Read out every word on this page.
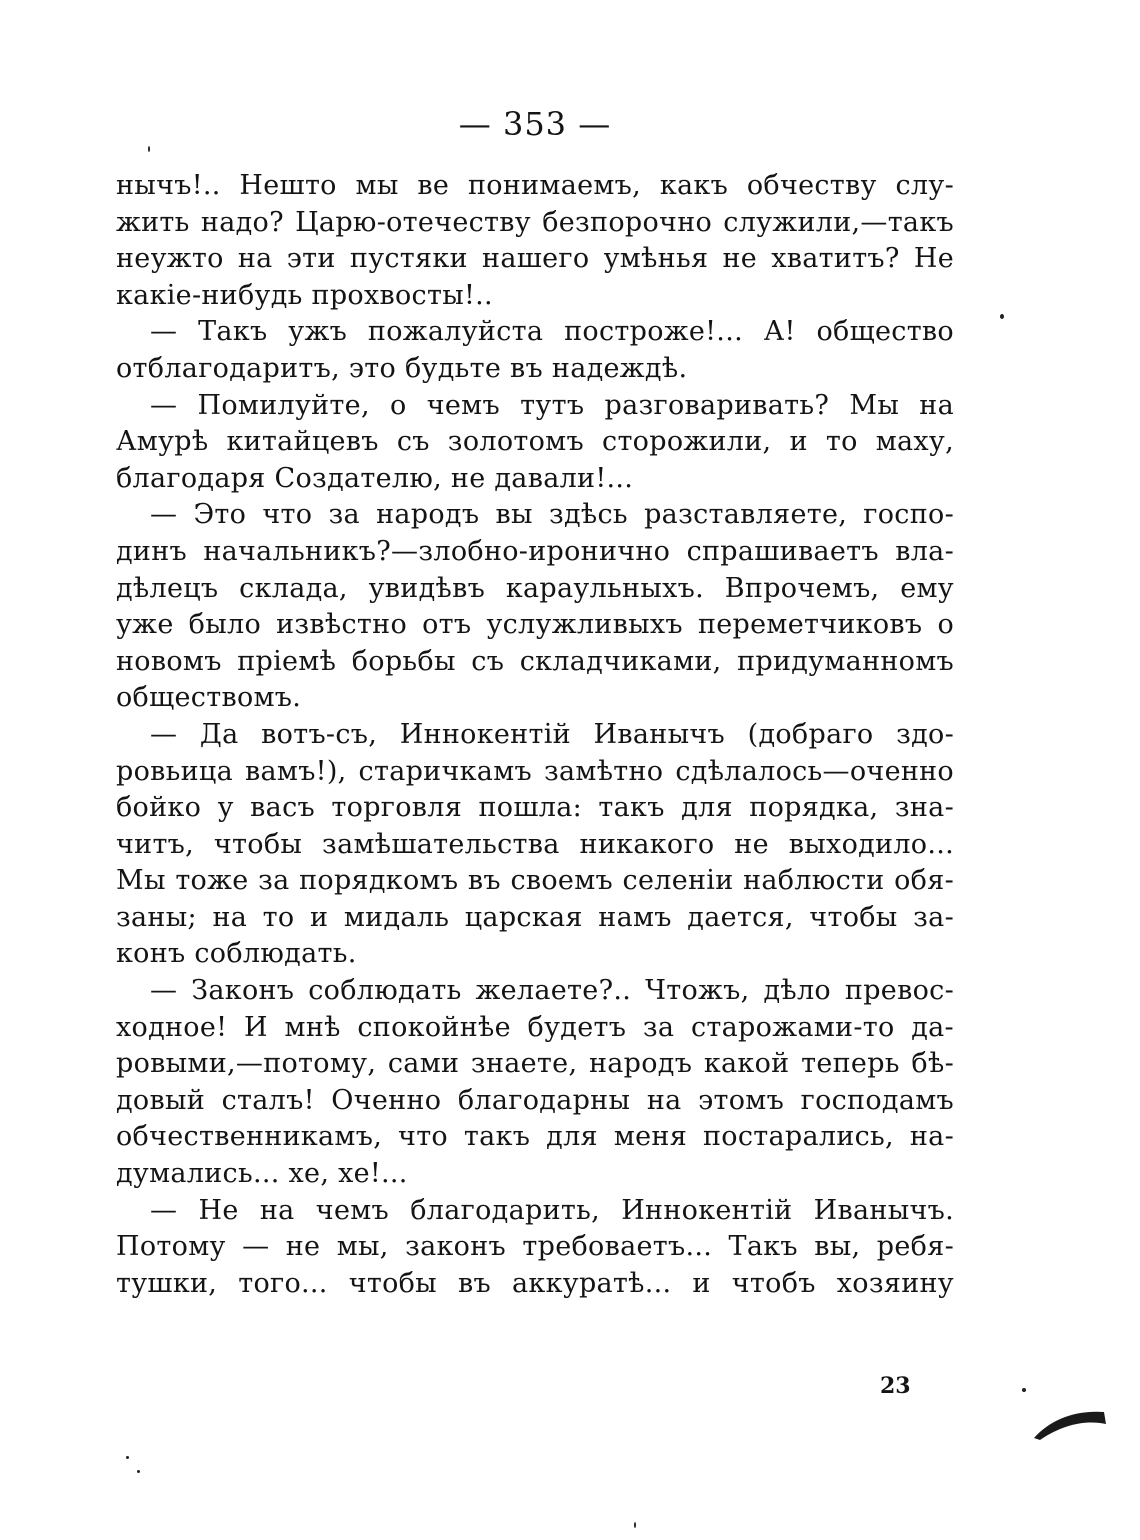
— 353 —
нычъ!.. Нешто мы ве понимаемъ, какъ обчеству слу-
жить надо? Царю-отечеству безпорочно служили,—такъ
неужто на эти пустяки нашего умѣнья не хватитъ? Не
какіе-нибудь прохвосты!..
— Такъ ужъ пожалуйста построже!... А! общество
отблагодаритъ, это будьте въ надеждѣ.
— Помилуйте, о чемъ тутъ разговаривать? Мы на
Амурѣ китайцевъ съ золотомъ сторожили, и то маху,
благодаря Создателю, не давали!...
— Это что за народъ вы здѣсь разставляете, госпо-
динъ начальникъ?—злобно-иронично спрашиваетъ вла-
дѣлецъ склада, увидѣвъ караульныхъ. Впрочемъ, ему
уже было извѣстно отъ услужливыхъ переметчиковъ о
новомъ пріемѣ борьбы съ складчиками, придуманномъ
обществомъ.
— Да вотъ-съ, Иннокентій Иванычъ (добраго здо-
ровьица вамъ!), старичкамъ замѣтно сдѣлалось—оченно
бойко у васъ торговля пошла: такъ для порядка, зна-
читъ, чтобы замѣшательства никакого не выходило...
Мы тоже за порядкомъ въ своемъ селеніи наблюсти обя-
заны; на то и мидаль царская намъ дается, чтобы за-
конъ соблюдать.
— Законъ соблюдать желаете?.. Чтожъ, дѣло превос-
ходное! И мнѣ спокойнѣе будетъ за старожами-то да-
ровыми,—потому, сами знаете, народъ какой теперь бѣ-
довый сталъ! Оченно благодарны на этомъ господамъ
обчественникамъ, что такъ для меня постарались, на-
думались... хе, хе!...
— Не на чемъ благодарить, Иннокентій Иванычъ.
Потому — не мы, законъ требоваетъ... Такъ вы, ребя-
тушки, того... чтобы въ аккуратѣ... и чтобъ хозяину
23
